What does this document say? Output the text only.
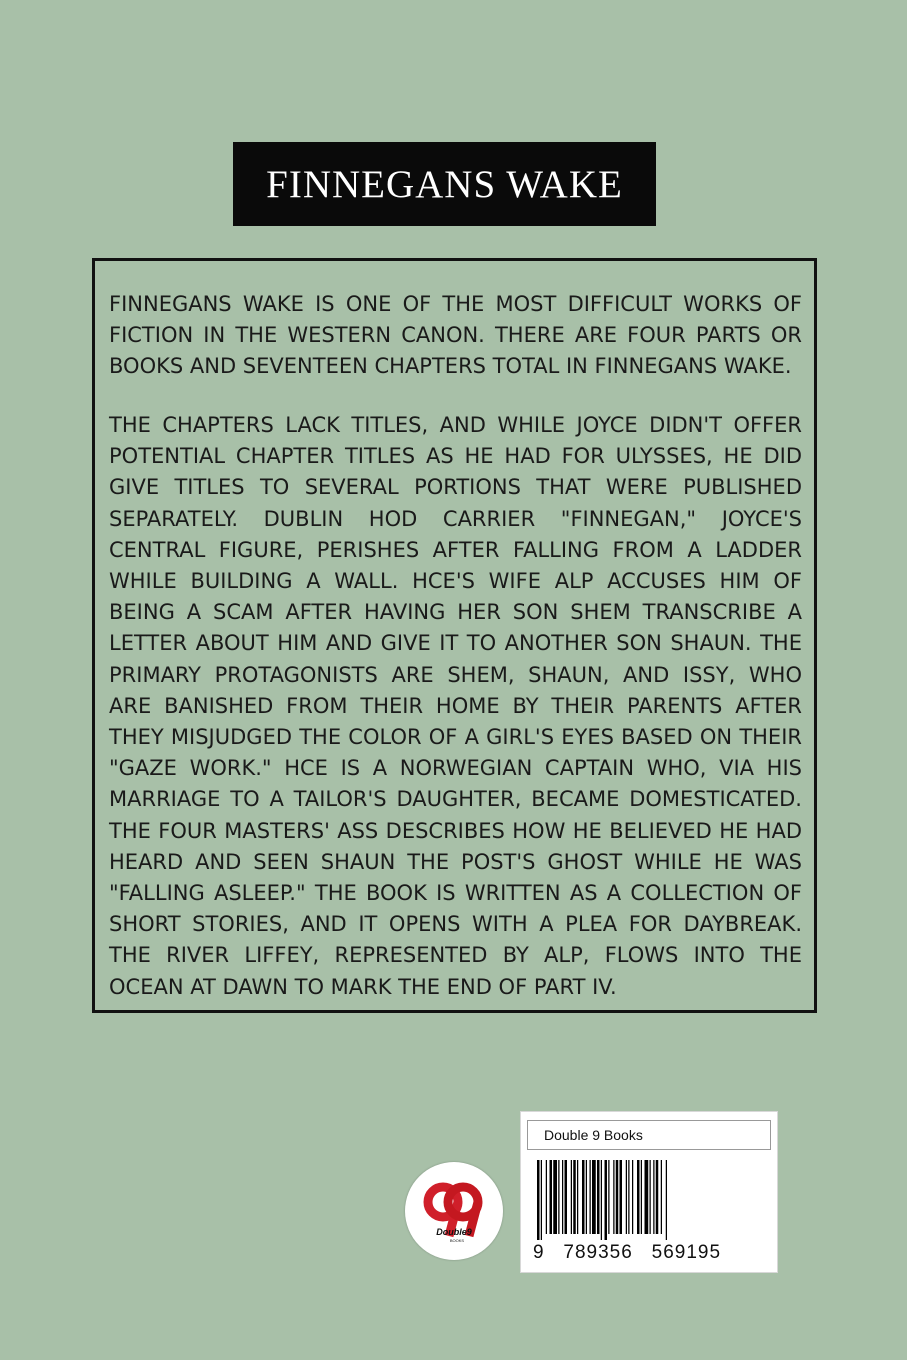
FINNEGANS WAKE

FINNEGANS WAKE IS ONE OF THE MOST DIFFICULT WORKS OF FICTION IN THE WESTERN CANON. THERE ARE FOUR PARTS OR BOOKS AND SEVENTEEN CHAPTERS TOTAL IN FINNEGANS WAKE.

THE CHAPTERS LACK TITLES, AND WHILE JOYCE DIDN'T OFFER POTENTIAL CHAPTER TITLES AS HE HAD FOR ULYSSES, HE DID GIVE TITLES TO SEVERAL PORTIONS THAT WERE PUBLISHED SEPARATELY. DUBLIN HOD CARRIER "FINNEGAN," JOYCE'S CENTRAL FIGURE, PERISHES AFTER FALLING FROM A LADDER WHILE BUILDING A WALL. HCE'S WIFE ALP ACCUSES HIM OF BEING A SCAM AFTER HAVING HER SON SHEM TRANSCRIBE A LETTER ABOUT HIM AND GIVE IT TO ANOTHER SON SHAUN. THE PRIMARY PROTAGONISTS ARE SHEM, SHAUN, AND ISSY, WHO ARE BANISHED FROM THEIR HOME BY THEIR PARENTS AFTER THEY MISJUDGED THE COLOR OF A GIRL'S EYES BASED ON THEIR "GAZE WORK." HCE IS A NORWEGIAN CAPTAIN WHO, VIA HIS MARRIAGE TO A TAILOR'S DAUGHTER, BECAME DOMESTICATED. THE FOUR MASTERS' ASS DESCRIBES HOW HE BELIEVED HE HAD HEARD AND SEEN SHAUN THE POST'S GHOST WHILE HE WAS "FALLING ASLEEP." THE BOOK IS WRITTEN AS A COLLECTION OF SHORT STORIES, AND IT OPENS WITH A PLEA FOR DAYBREAK. THE RIVER LIFFEY, REPRESENTED BY ALP, FLOWS INTO THE OCEAN AT DAWN TO MARK THE END OF PART IV.

Double9
BOOKS
Double 9 Books
9   789356   569195
